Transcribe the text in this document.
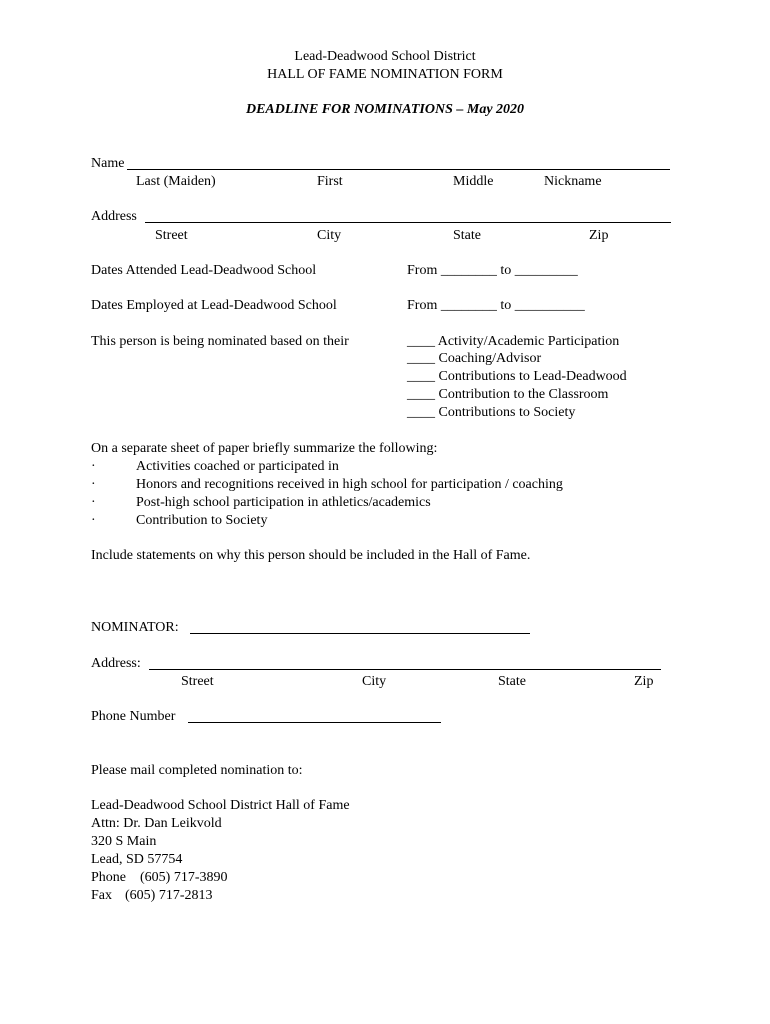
Lead-Deadwood School District
HALL OF FAME NOMINATION FORM
DEADLINE FOR NOMINATIONS – May 2020
Name
Last (Maiden)	First	Middle	Nickname
Address
Street	City	State	Zip
Dates Attended Lead-Deadwood School	From ________ to _________
Dates Employed at Lead-Deadwood School	From ________ to __________
This person is being nominated based on their	____ Activity/Academic Participation
____ Coaching/Advisor
____ Contributions to Lead-Deadwood
____ Contribution to the Classroom
____ Contributions to Society
On a separate sheet of paper briefly summarize the following:
·	Activities coached or participated in
·	Honors and recognitions received in high school for participation / coaching
·	Post-high school participation in athletics/academics
·	Contribution to Society
Include statements on why this person should be included in the Hall of Fame.
NOMINATOR:
Address:
Street	City	State	Zip
Phone Number
Please mail completed nomination to:
Lead-Deadwood School District Hall of Fame
Attn: Dr. Dan Leikvold
320 S Main
Lead, SD 57754
Phone (605) 717-3890
Fax (605) 717-2813
